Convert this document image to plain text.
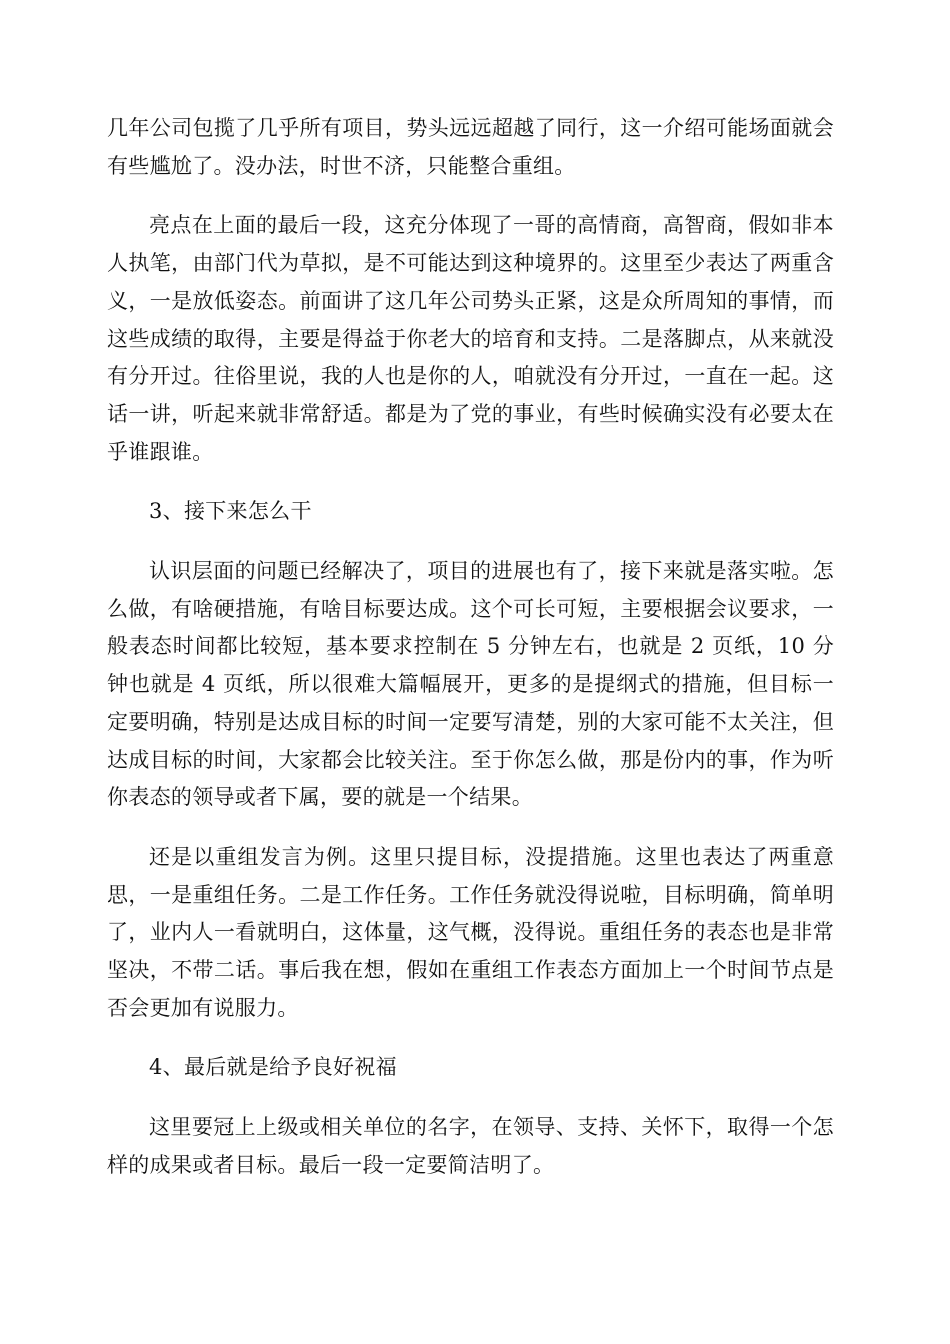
几年公司包揽了几乎所有项目，势头远远超越了同行，这一介绍可能场面就会有些尴尬了。没办法，时世不济，只能整合重组。

亮点在上面的最后一段，这充分体现了一哥的高情商，高智商，假如非本人执笔，由部门代为草拟，是不可能达到这种境界的。这里至少表达了两重含义，一是放低姿态。前面讲了这几年公司势头正紧，这是众所周知的事情，而这些成绩的取得，主要是得益于你老大的培育和支持。二是落脚点，从来就没有分开过。往俗里说，我的人也是你的人，咱就没有分开过，一直在一起。这话一讲，听起来就非常舒适。都是为了党的事业，有些时候确实没有必要太在乎谁跟谁。

3、接下来怎么干

认识层面的问题已经解决了，项目的进展也有了，接下来就是落实啦。怎么做，有啥硬措施，有啥目标要达成。这个可长可短，主要根据会议要求，一般表态时间都比较短，基本要求控制在 5 分钟左右，也就是 2 页纸，10 分钟也就是 4 页纸，所以很难大篇幅展开，更多的是提纲式的措施，但目标一定要明确，特别是达成目标的时间一定要写清楚，别的大家可能不太关注，但达成目标的时间，大家都会比较关注。至于你怎么做，那是份内的事，作为听你表态的领导或者下属，要的就是一个结果。

还是以重组发言为例。这里只提目标，没提措施。这里也表达了两重意思，一是重组任务。二是工作任务。工作任务就没得说啦，目标明确，简单明了，业内人一看就明白，这体量，这气概，没得说。重组任务的表态也是非常坚决，不带二话。事后我在想，假如在重组工作表态方面加上一个时间节点是否会更加有说服力。

4、最后就是给予良好祝福

这里要冠上上级或相关单位的名字，在领导、支持、关怀下，取得一个怎样的成果或者目标。最后一段一定要简洁明了。
